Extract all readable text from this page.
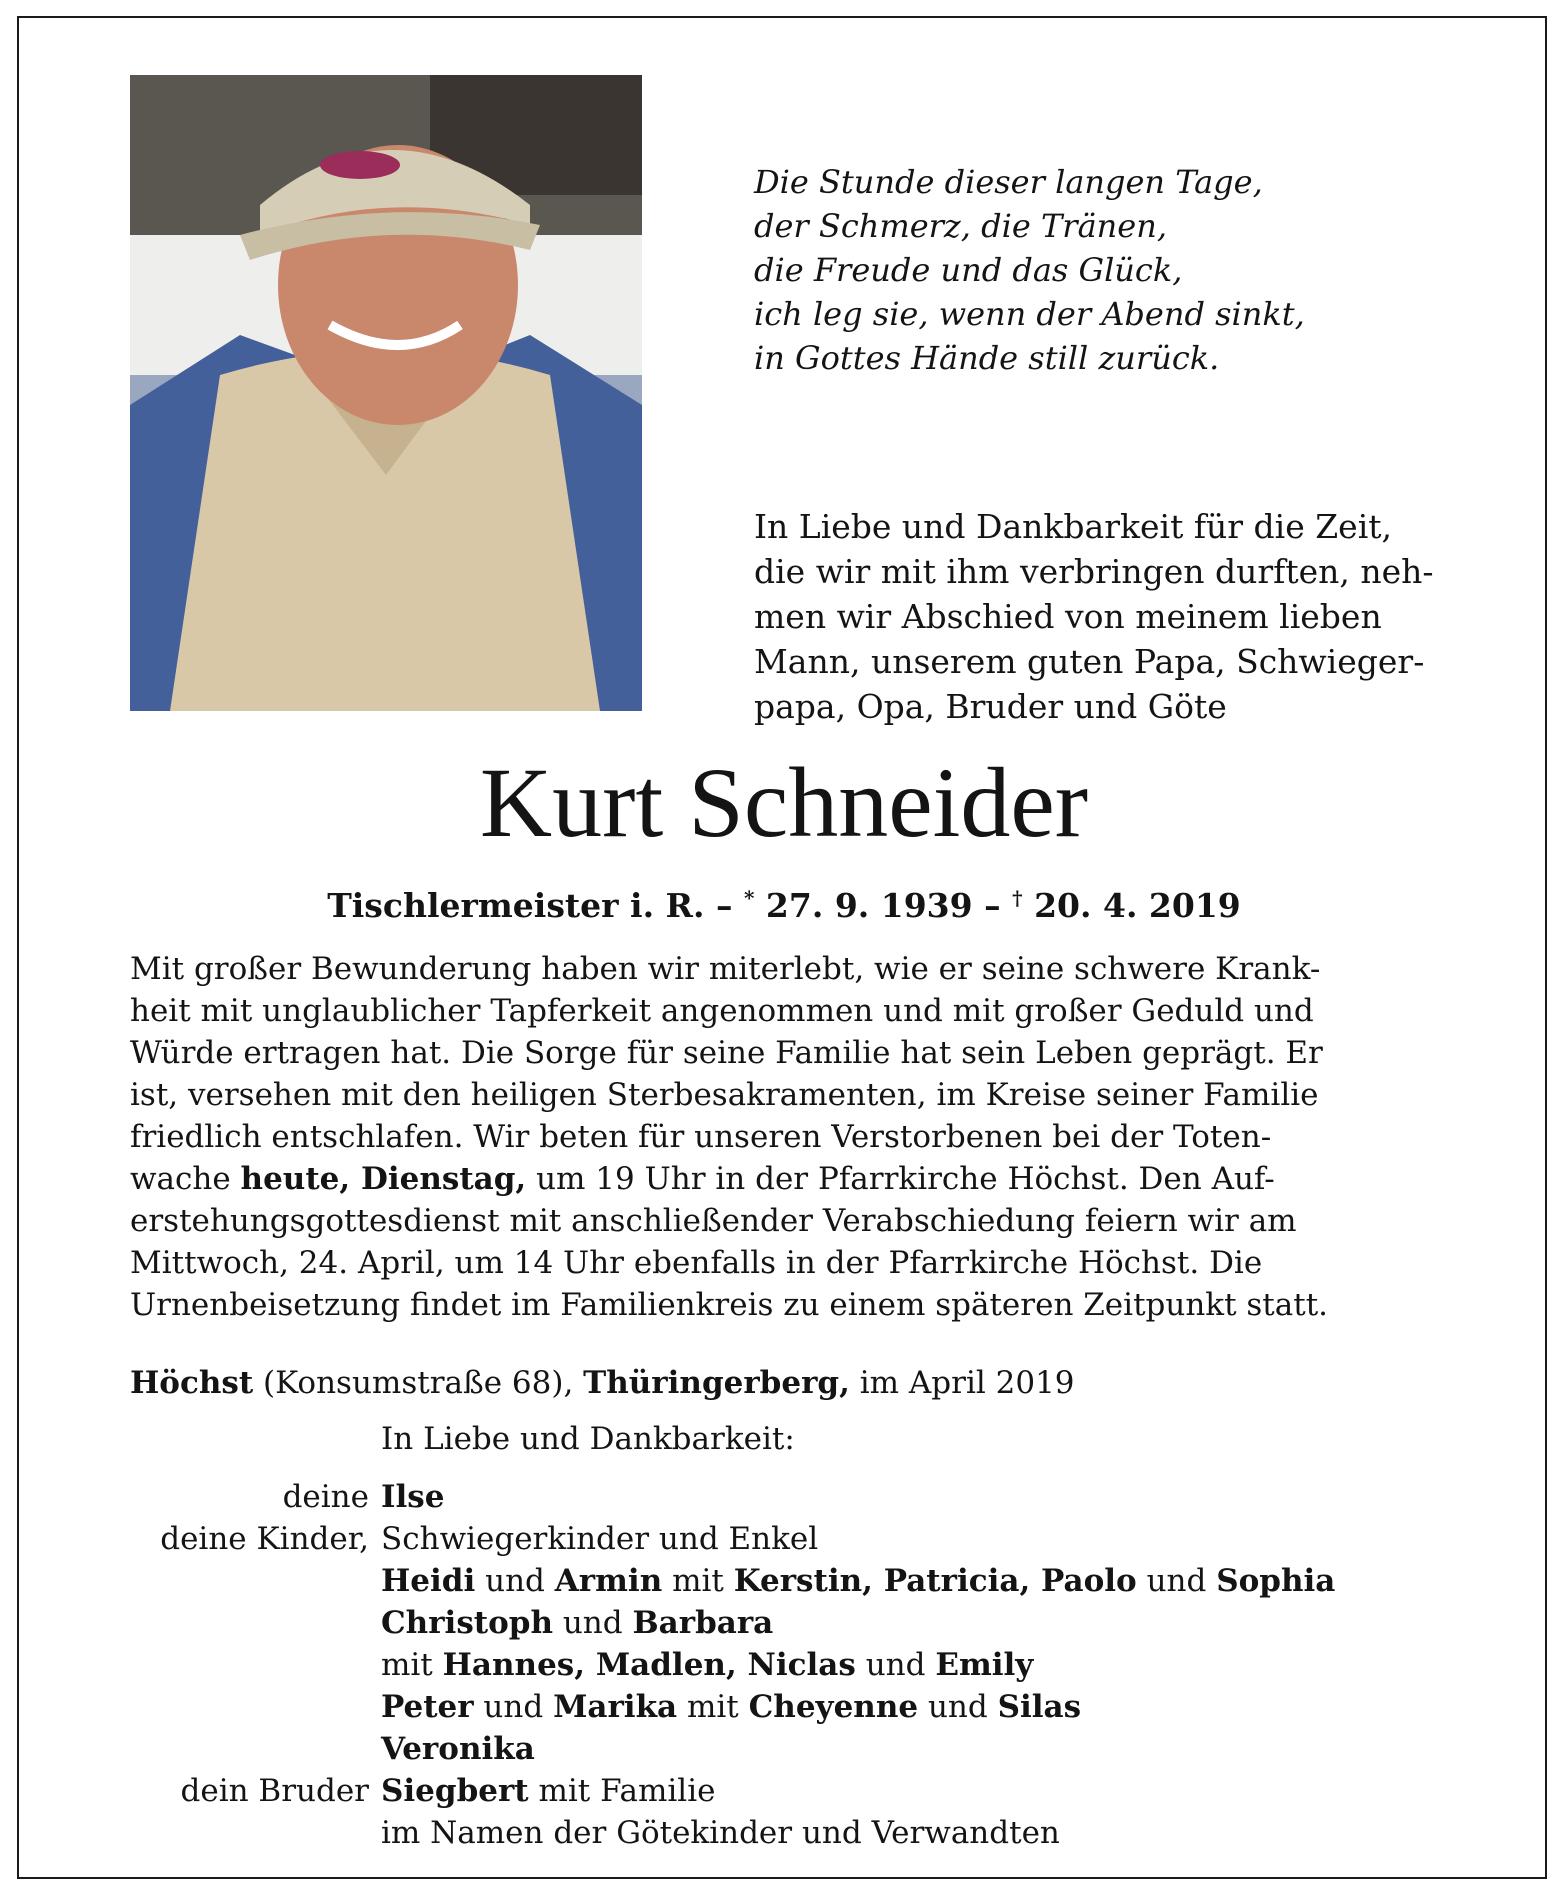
Die Stunde dieser langen Tage,
der Schmerz, die Tränen,
die Freude und das Glück,
ich leg sie, wenn der Abend sinkt,
in Gottes Hände still zurück.
In Liebe und Dankbarkeit für die Zeit,
die wir mit ihm verbringen durften, neh-
men wir Abschied von meinem lieben
Mann, unserem guten Papa, Schwieger-
papa, Opa, Bruder und Göte
Kurt Schneider

Tischlermeister i. R. – * 27. 9. 1939 – † 20. 4. 2019

Mit großer Bewunderung haben wir miterlebt, wie er seine schwere Krank-
heit mit unglaublicher Tapferkeit angenommen und mit großer Geduld und
Würde ertragen hat. Die Sorge für seine Familie hat sein Leben geprägt. Er
ist, versehen mit den heiligen Sterbesakramenten, im Kreise seiner Familie
friedlich entschlafen. Wir beten für unseren Verstorbenen bei der Toten-
wache heute, Dienstag, um 19 Uhr in der Pfarrkirche Höchst. Den Auf-
erstehungsgottesdienst mit anschließender Verabschiedung feiern wir am
Mittwoch, 24. April, um 14 Uhr ebenfalls in der Pfarrkirche Höchst. Die
Urnenbeisetzung findet im Familienkreis zu einem späteren Zeitpunkt statt.

Höchst (Konsumstraße 68), Thüringerberg, im April 2019

In Liebe und Dankbarkeit:

deine Ilse
deine Kinder, Schwiegerkinder und Enkel
Heidi und Armin mit Kerstin, Patricia, Paolo und Sophia
Christoph und Barbara
mit Hannes, Madlen, Niclas und Emily
Peter und Marika mit Cheyenne und Silas
Veronika
dein Bruder Siegbert mit Familie
im Namen der Götekinder und Verwandten
